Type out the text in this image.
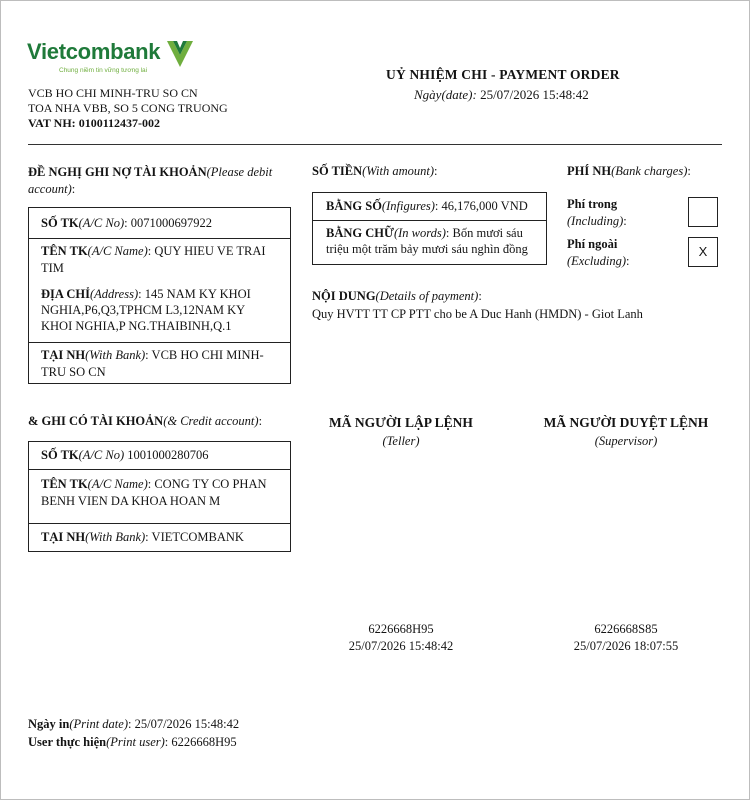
Vietcombank
Chung niềm tin vững tương lai
VCB HO CHI MINH-TRU SO CN
TOA NHA VBB, SO 5 CONG TRUONG
VAT NH: 0100112437-002
UỶ NHIỆM CHI - PAYMENT ORDER
Ngày(date): 25/07/2026 15:48:42
ĐỀ NGHỊ GHI NỢ TÀI KHOẢN(Please debit
account):
SỐ TK(A/C No): 0071000697922
TÊN TK(A/C Name): QUY HIEU VE TRAI
TIM
ĐỊA CHỈ(Address): 145 NAM KY KHOI
NGHIA,P6,Q3,TPHCM L3,12NAM KY
KHOI NGHIA,P NG.THAIBINH,Q.1
TẠI NH(With Bank): VCB HO CHI MINH-
TRU SO CN
SỐ TIỀN(With amount):
BẰNG SỐ(Infigures): 46,176,000 VND
BẰNG CHỮ(In words): Bốn mươi sáu
triệu một trăm bảy mươi sáu nghìn đồng
PHÍ NH(Bank charges):
Phí trong
(Including):
Phí ngoài
(Excluding):
X
NỘI DUNG(Details of payment):
Quy HVTT TT CP PTT cho be A Duc Hanh (HMDN) - Giot Lanh
& GHI CÓ TÀI KHOẢN(& Credit account):
SỐ TK(A/C No) 1001000280706
TÊN TK(A/C Name): CONG TY CO PHAN
BENH VIEN DA KHOA HOAN M
TẠI NH(With Bank): VIETCOMBANK
MÃ NGƯỜI LẬP LỆNH
(Teller)
MÃ NGƯỜI DUYỆT LỆNH
(Supervisor)
6226668H95
25/07/2026 15:48:42
6226668S85
25/07/2026 18:07:55
Ngày in(Print date): 25/07/2026 15:48:42
User thực hiện(Print user): 6226668H95
